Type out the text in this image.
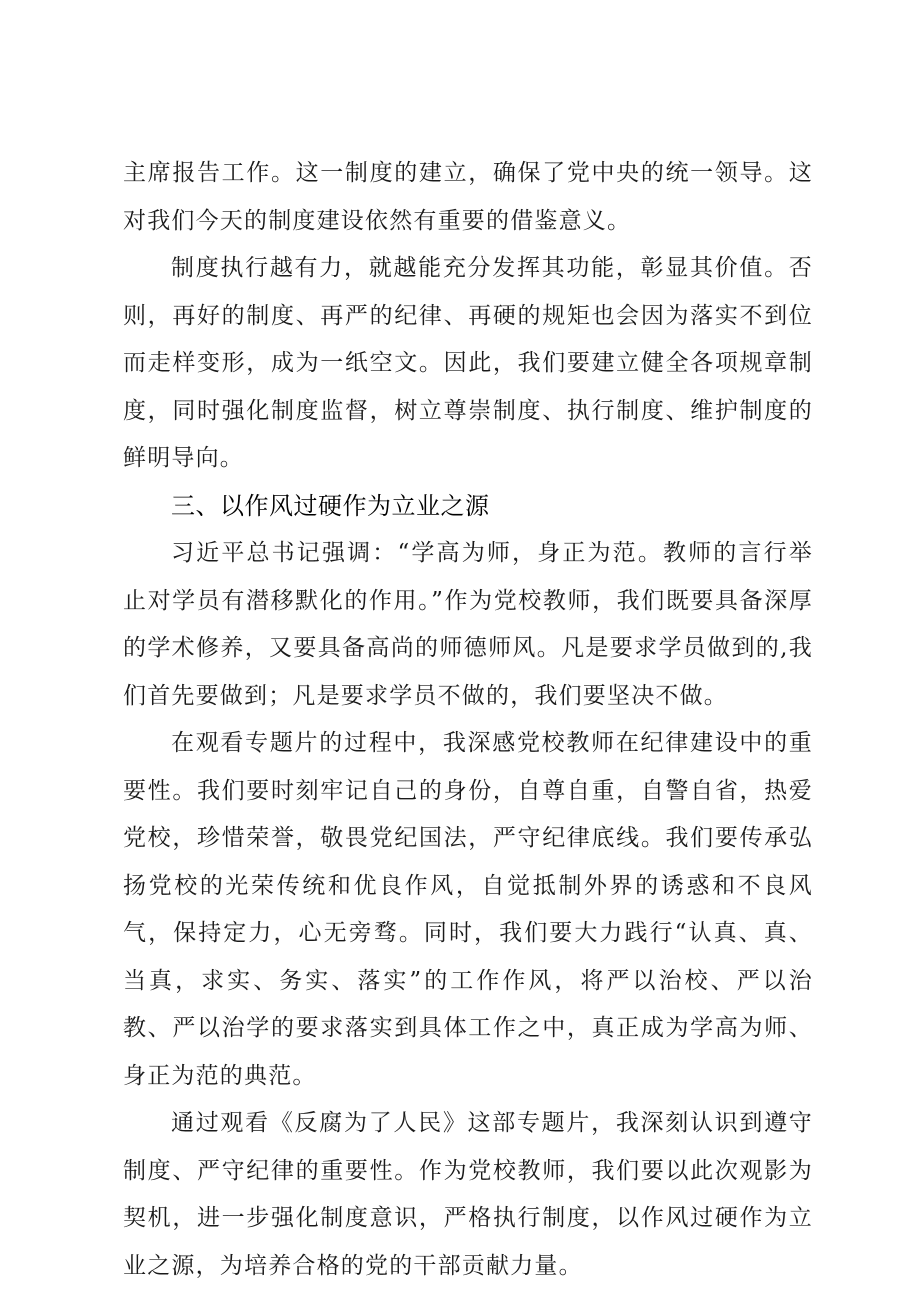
主席报告工作。这一制度的建立，确保了党中央的统一领导。这对我们今天的制度建设依然有重要的借鉴意义。

制度执行越有力，就越能充分发挥其功能，彰显其价值。否则，再好的制度、再严的纪律、再硬的规矩也会因为落实不到位而走样变形，成为一纸空文。因此，我们要建立健全各项规章制度，同时强化制度监督，树立尊崇制度、执行制度、维护制度的鲜明导向。

三、以作风过硬作为立业之源

习近平总书记强调：“学高为师，身正为范。教师的言行举止对学员有潜移默化的作用。”作为党校教师，我们既要具备深厚的学术修养，又要具备高尚的师德师风。凡是要求学员做到的,我们首先要做到；凡是要求学员不做的，我们要坚决不做。

在观看专题片的过程中，我深感党校教师在纪律建设中的重要性。我们要时刻牢记自己的身份，自尊自重，自警自省，热爱党校，珍惜荣誉，敬畏党纪国法，严守纪律底线。我们要传承弘扬党校的光荣传统和优良作风，自觉抵制外界的诱惑和不良风气，保持定力，心无旁骛。同时，我们要大力践行“认真、真、当真，求实、务实、落实”的工作作风，将严以治校、严以治教、严以治学的要求落实到具体工作之中，真正成为学高为师、身正为范的典范。

通过观看《反腐为了人民》这部专题片，我深刻认识到遵守制度、严守纪律的重要性。作为党校教师，我们要以此次观影为契机，进一步强化制度意识，严格执行制度，以作风过硬作为立业之源，为培养合格的党的干部贡献力量。
